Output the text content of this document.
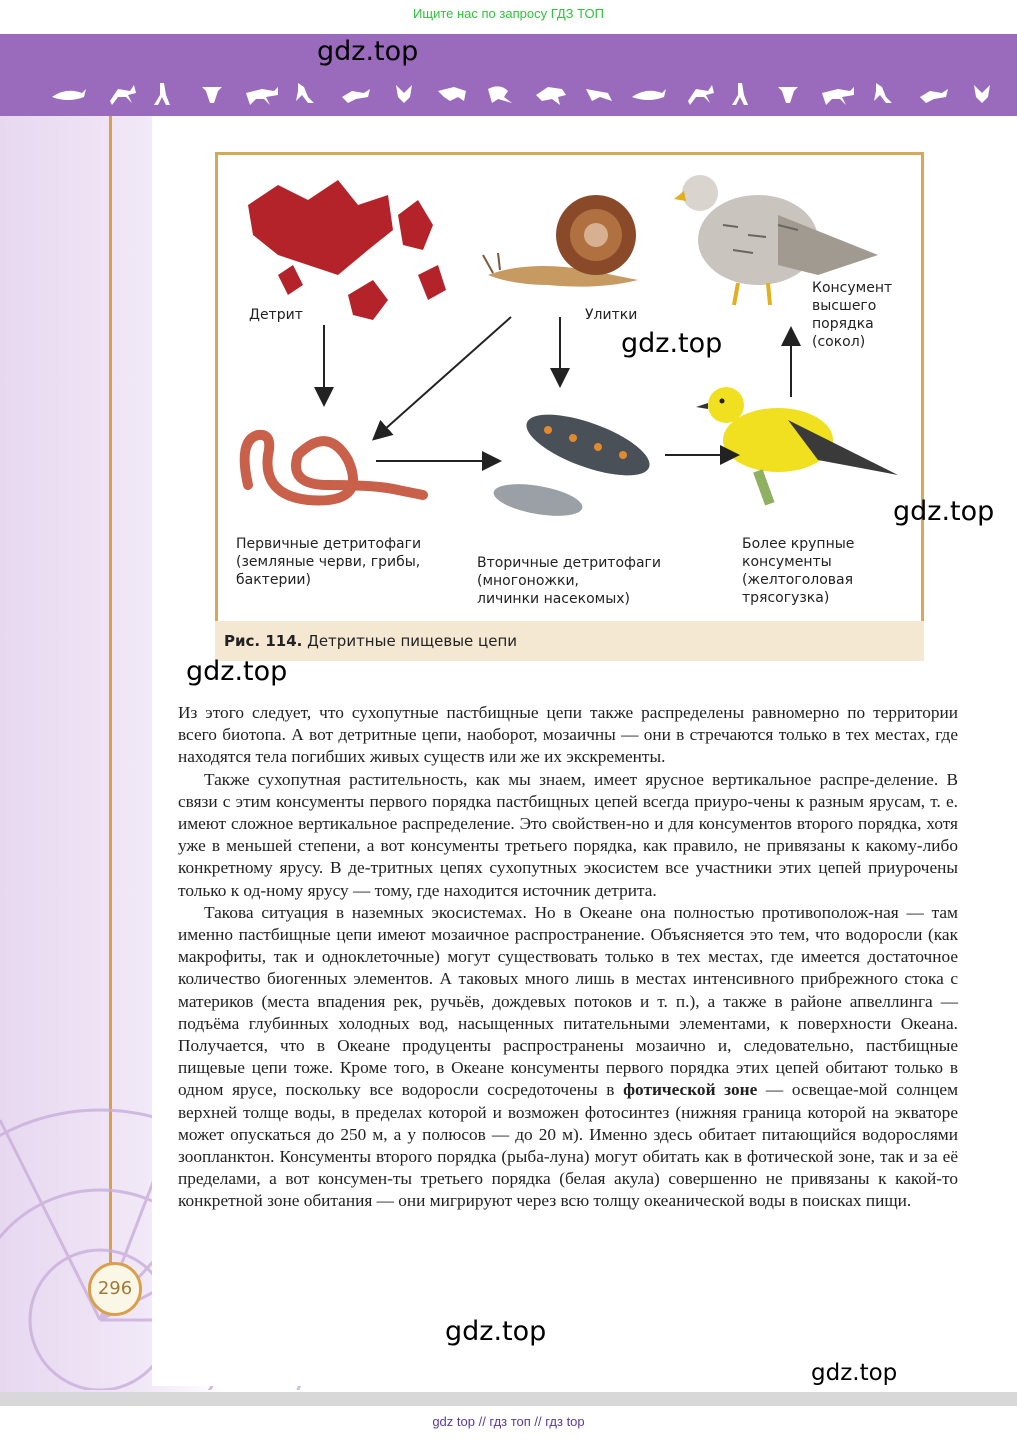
Ищите нас по запросу ГДЗ ТОП
Детрит	Улитки
Консумент
высшего
порядка
(сокол)
Первичные детритофаги
(земляные черви, грибы,
бактерии)
Вторичные детритофаги
(многоножки,
личинки насекомых)
Более крупные
консументы
(желтоголовая
трясогузка)
Рис. 114. Детритные пищевые цепи
gdz.top
gdz.top
gdz.top
gdz.top
gdz.top
gdz.top

Из этого следует, что сухопутные пастбищные цепи также распределены равномерно по территории всего биотопа. А вот детритные цепи, наоборот, мозаичны — они в стречаются только в тех местах, где находятся тела погибших живых существ или же их экскременты.

Также сухопутная растительность, как мы знаем, имеет ярусное вертикальное распре-деление. В связи с этим консументы первого порядка пастбищных цепей всегда приуро-чены к разным ярусам, т. е. имеют сложное вертикальное распределение. Это свойствен-но и для консументов второго порядка, хотя уже в меньшей степени, а вот консументы третьего порядка, как правило, не привязаны к какому-либо конкретному ярусу. В де-тритных цепях сухопутных экосистем все участники этих цепей приурочены только к од-ному ярусу — тому, где находится источник детрита.

Такова ситуация в наземных экосистемах. Но в Океане она полностью противополож-ная — там именно пастбищные цепи имеют мозаичное распространение. Объясняется это тем, что водоросли (как макрофиты, так и одноклеточные) могут существовать только в тех местах, где имеется достаточное количество биогенных элементов. А таковых много лишь в местах интенсивного прибрежного стока с материков (места впадения рек, ручьёв, дождевых потоков и т. п.), а также в районе апвеллинга — подъёма глубинных холодных вод, насыщенных питательными элементами, к поверхности Океана. Получается, что в Океане продуценты распространены мозаично и, следовательно, пастбищные пищевые цепи тоже. Кроме того, в Океане консументы первого порядка этих цепей обитают только в одном ярусе, поскольку все водоросли сосредоточены в фотической зоне — освещае-мой солнцем верхней толще воды, в пределах которой и возможен фотосинтез (нижняя граница которой на экваторе может опускаться до 250 м, а у полюсов — до 20 м). Именно здесь обитает питающийся водорослями зоопланктон. Консументы второго порядка (рыба-луна) могут обитать как в фотической зоне, так и за её пределами, а вот консумен-ты третьего порядка (белая акула) совершенно не привязаны к какой-то конкретной зоне обитания — они мигрируют через всю толщу океанической воды в поисках пищи.

296
gdz top // гдз топ // гдз top
